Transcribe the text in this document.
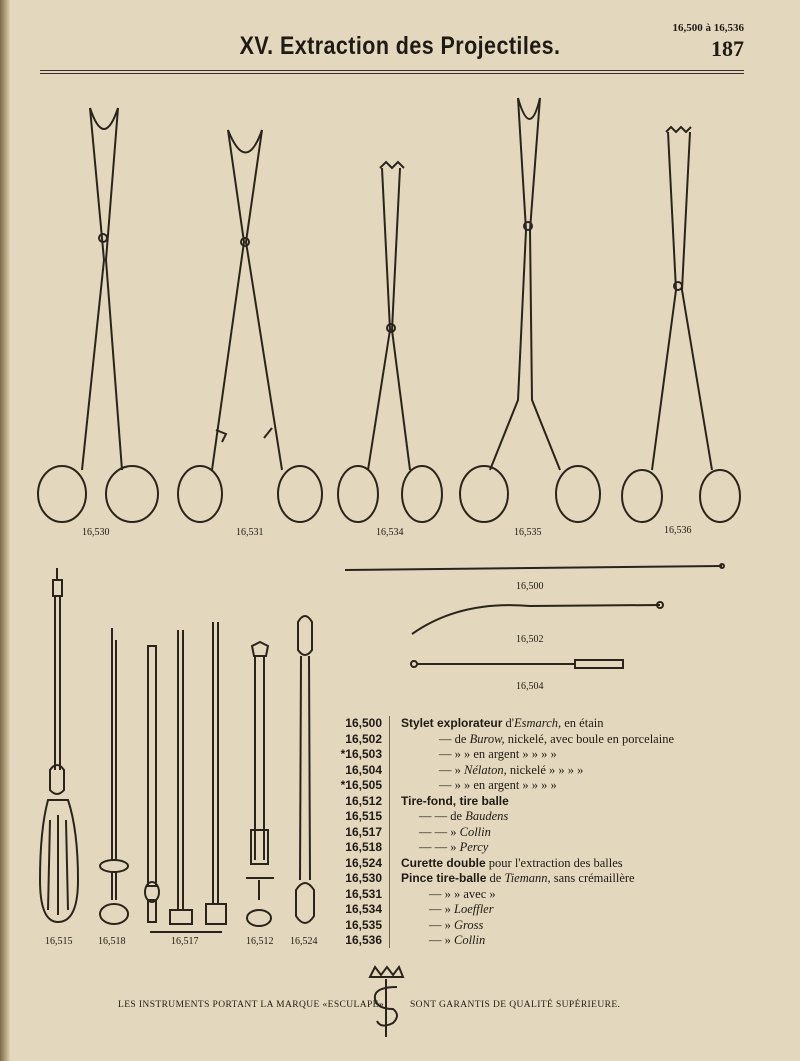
16,500 à 16,536
187
XV. Extraction des Projectiles.
16,530	16,531	16,534	16,535	16,536
16,500
16,502
16,504
16,515	16,518	16,517	16,512 16,524
16,500	Stylet explorateur d'Esmarch, en étain
16,502	— de Burow, nickelé, avec boule en porcelaine
*16,503	— » » en argent » » » »
16,504	— » Nélaton, nickelé » » » »
*16,505	— » » en argent » » » »
16,512	Tire-fond, tire balle
16,515	— — de Baudens
16,517	— — » Collin
16,518	— — » Percy
16,524	Curette double pour l'extraction des balles
16,530	Pince tire-balle de Tiemann, sans crémaillère
16,531	— » » avec »
16,534	— » Loeffler
16,535	— » Gross
16,536	— » Collin
LES INSTRUMENTS PORTANT LA MARQUE «ESCULAPE»	SONT GARANTIS DE QUALITÉ SUPÉRIEURE.
